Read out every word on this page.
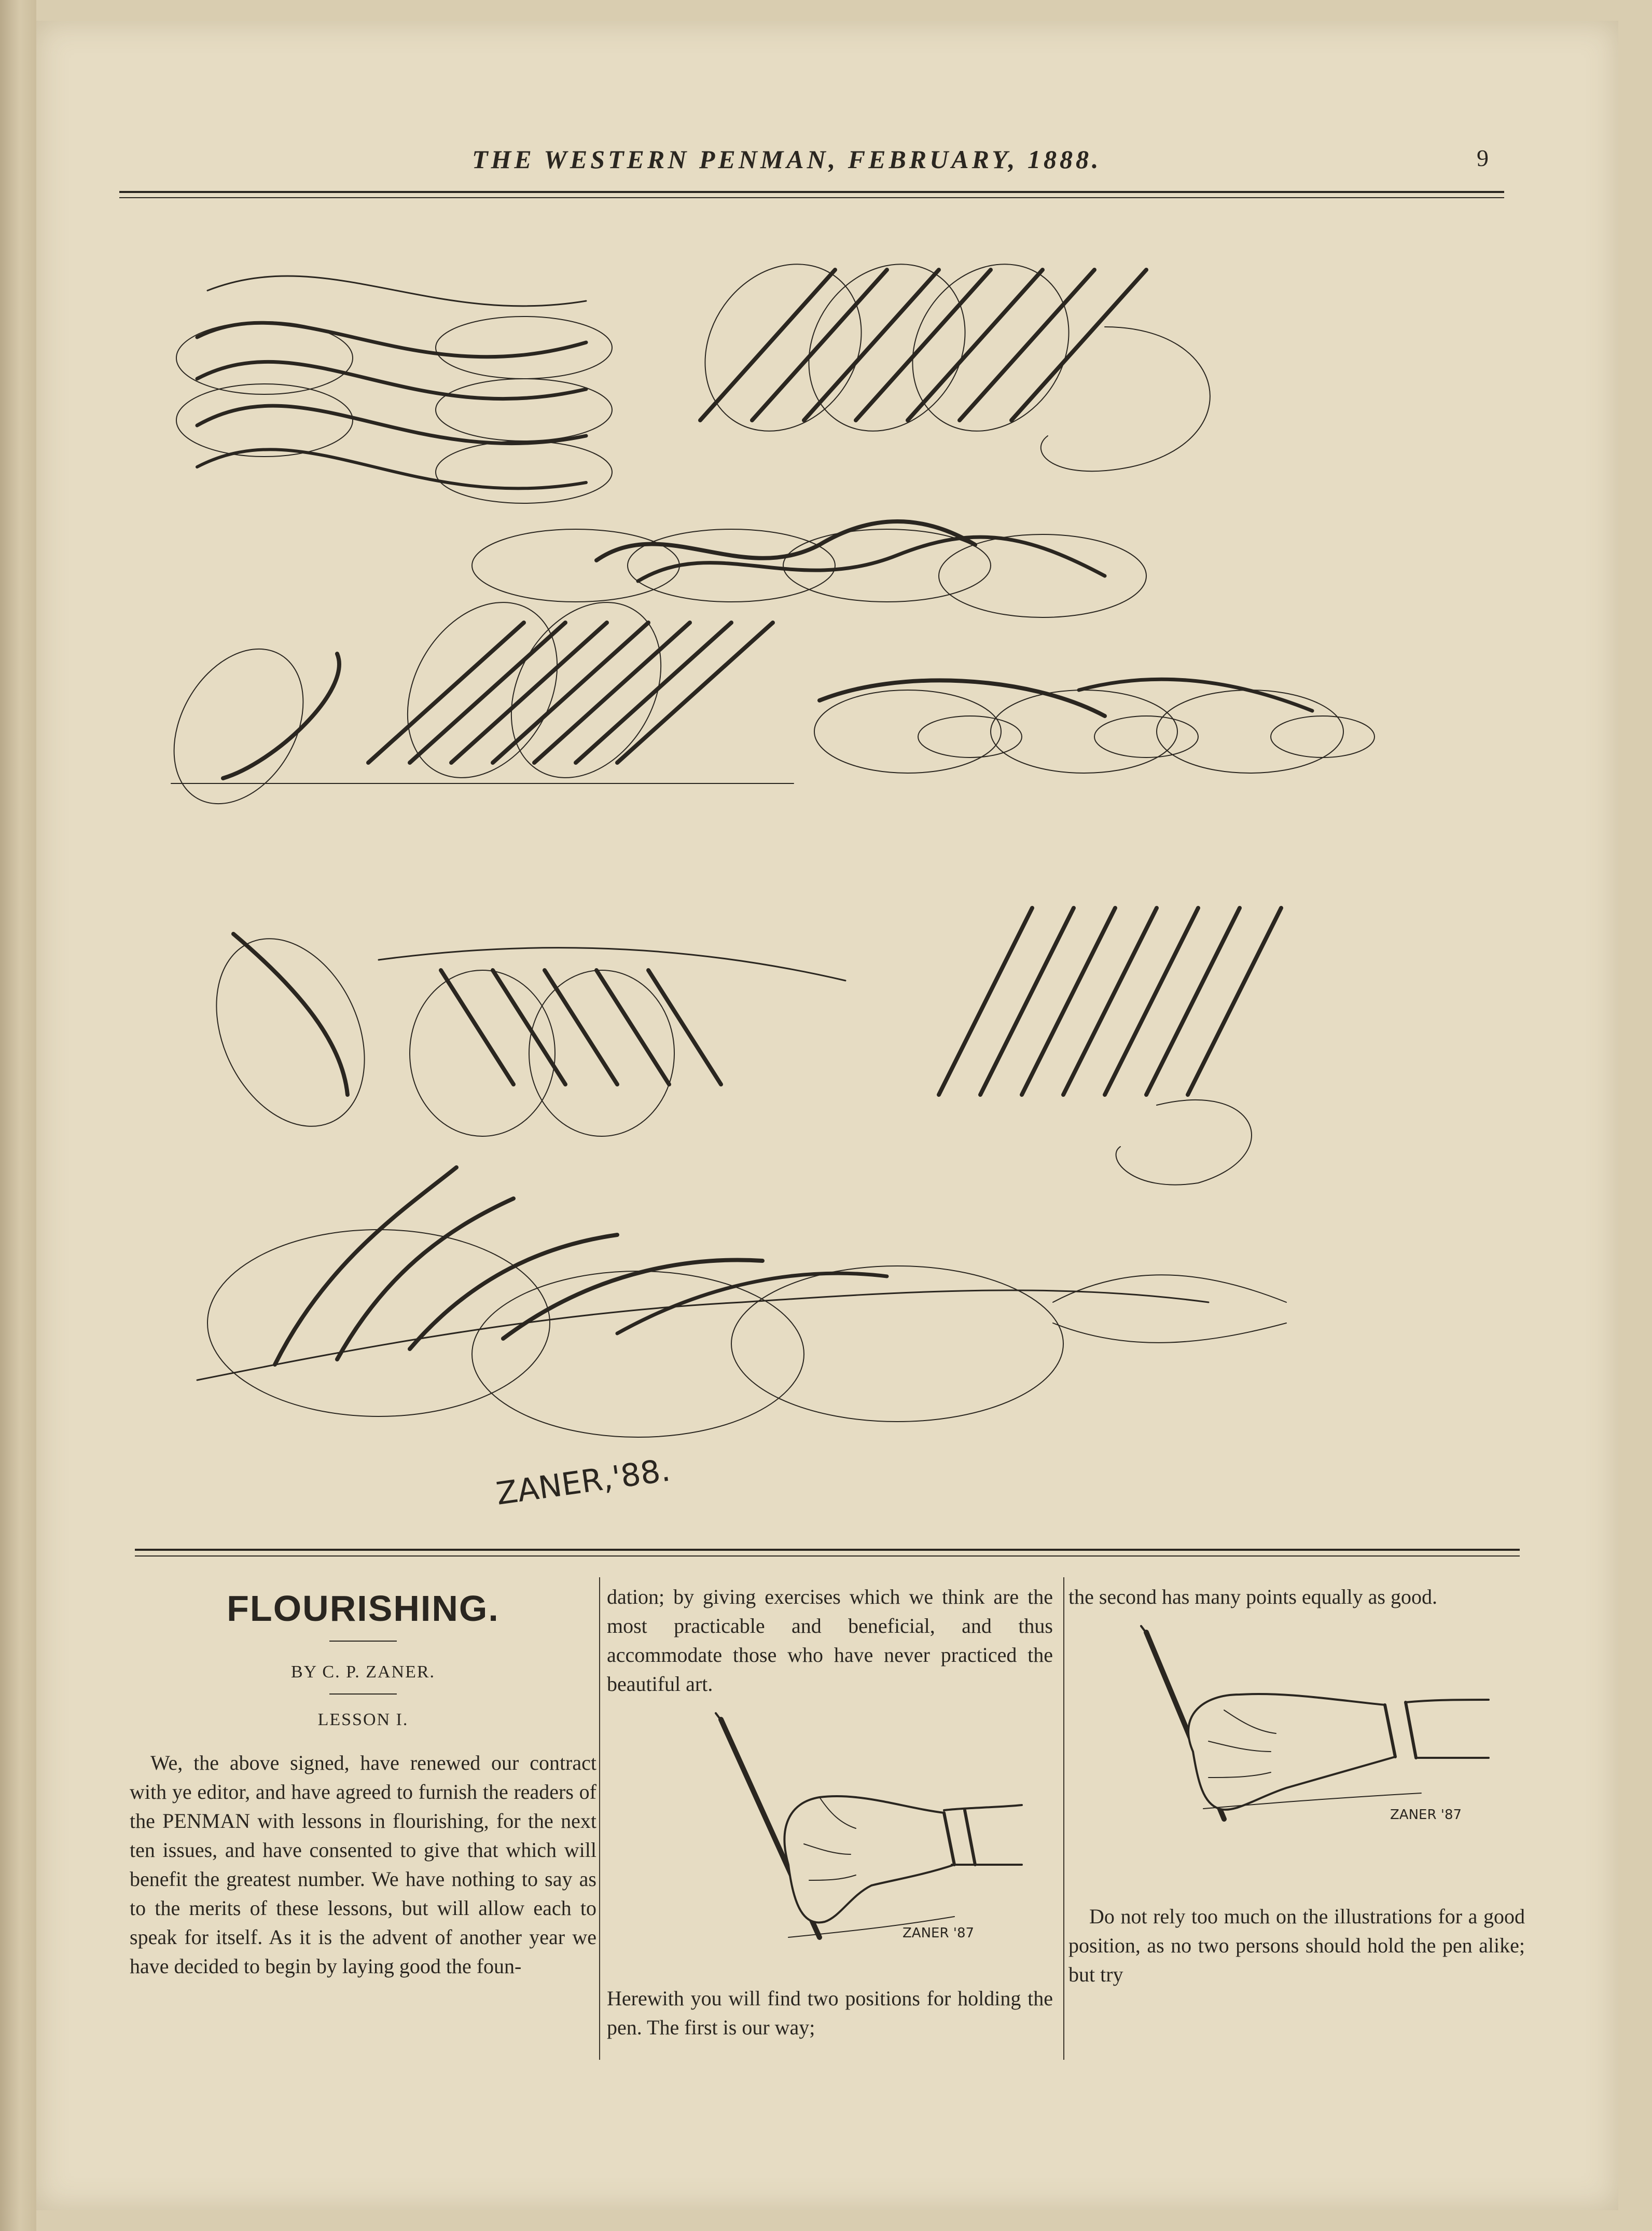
THE WESTERN PENMAN, FEBRUARY, 1888.	9
ZANER,'88.
FLOURISHING.
BY C. P. ZANER.
LESSON I.

We, the above signed, have renewed our contract with ye editor, and have agreed to furnish the readers of the PENMAN with lessons in flourishing, for the next ten issues, and have consented to give that which will benefit the greatest number. We have nothing to say as to the merits of these lessons, but will allow each to speak for itself. As it is the advent of another year we have decided to begin by laying good the foun-

dation; by giving exercises which we think are the most practicable and beneficial, and thus accommodate those who have never practiced the beautiful art.

ZANER '87

Herewith you will find two positions for holding the pen. The first is our way;

the second has many points equally as good.

ZANER '87

Do not rely too much on the illustrations for a good position, as no two persons should hold the pen alike; but try
